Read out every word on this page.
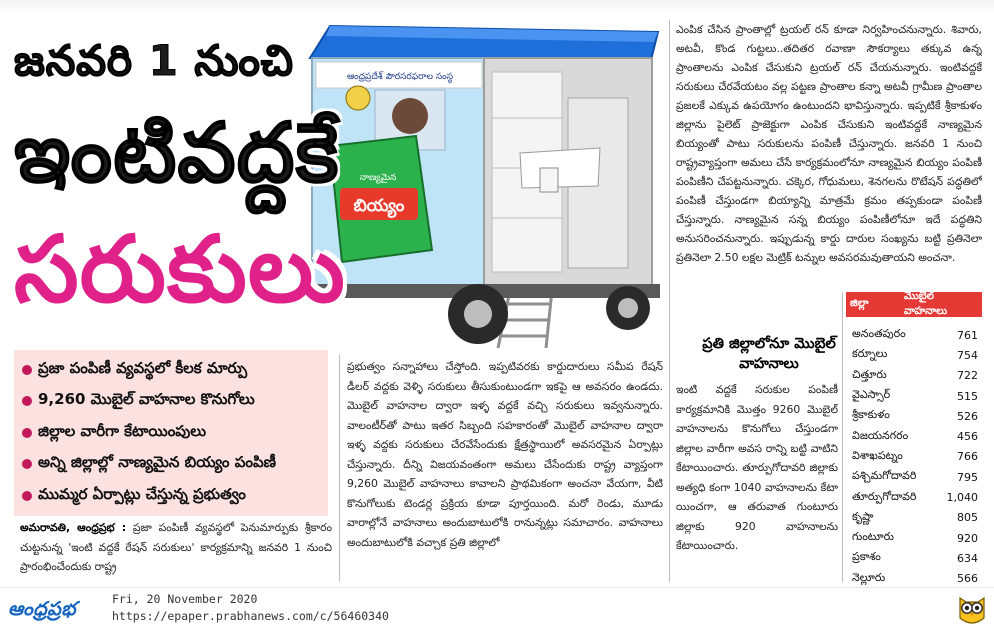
ఆంధ్రప్రదేశ్ పౌరసరఫరాల సంస్థ
నాణ్యమైన
బియ్యం
జనవరి 1 నుంచి
ఇంటివద్దకే
సరుకులు
ప్రజా పంపిణీ వ్యవస్థలో కీలక మార్పు
9,260 మొబైల్ వాహనాల కొనుగోలు
జిల్లాల వారీగా కేటాయింపులు
అన్ని జిల్లాల్లో నాణ్యమైన బియ్యం పంపిణీ
ముమ్మర ఏర్పాట్లు చేస్తున్న ప్రభుత్వం
అమరావతి, ఆంధ్రప్రభ : ప్రజా పంపిణీ వ్యవస్థలో పెనుమార్పుకు శ్రీకారం చుట్టనున్న 'ఇంటి వద్దకే రేషన్ సరుకులు' కార్యక్రమాన్ని జనవరి 1 నుంచి ప్రారంభించేందుకు రాష్ట్ర
ప్రభుత్వం సన్నాహాలు చేస్తోంది. ఇప్పటివరకు కార్డుదారులు సమీప రేషన్ డీలర్ వద్దకు వెళ్ళి సరుకులు తీసుకుంటుండగా ఇకపై ఆ అవసరం ఉండదు. మొబైల్ వాహనాల ద్వారా ఇళ్ళ వద్దకే వచ్చి సరుకులు ఇవ్వనున్నారు. వాలంటీర్‌తో పాటు ఇతర సిబ్బంది సహకారంతో మొబైల్ వాహనాల ద్వారా ఇళ్ళ వద్దకు సరుకులు చేరవేసేందుకు క్షేత్రస్థాయిలో అవసరమైన ఏర్పాట్లు చేస్తున్నారు. దీన్ని విజయవంతంగా అమలు చేసేందుకు రాష్ట్ర వ్యాప్తంగా 9,260 మొబైల్ వాహనాలు కావాలని ప్రాథమికంగా అంచనా వేయగా, వీటి కొనుగోలుకు టెండర్ల ప్రక్రియ కూడా పూర్తయింది. మరో రెండు, మూడు వారాల్లోనే వాహనాలు అందుబాటులోకి రానున్నట్లు సమాచారం. వాహనాలు అందుబాటులోకి వచ్చాక ప్రతి జిల్లాలో
ఎంపిక చేసిన ప్రాంతాల్లో ట్రయల్ రన్ కూడా నిర్వహించనున్నారు. శివారు, అటవీ, కొండ గుట్టలు..తదితర రవాణా సౌకర్యాలు తక్కువ ఉన్న ప్రాంతాలను ఎంపిక చేసుకుని ట్రయల్ రన్ చేయనున్నారు. ఇంటివద్దకే సరుకులు చేరవేయటం వల్ల పట్టణ ప్రాంతాల కన్నా అటవీ గ్రామీణ ప్రాంతాల ప్రజలకే ఎక్కువ ఉపయోగం ఉంటుందని భావిస్తున్నారు. ఇప్పటికే శ్రీకాకుళం జిల్లాను పైలెట్ ప్రాజెక్టుగా ఎంపిక చేసుకుని ఇంటివద్దకే నాణ్యమైన బియ్యంతో పాటు సరుకులను పంపిణీ చేస్తున్నారు. జనవరి 1 నుంచి రాష్ట్రవ్యాప్తంగా అమలు చేసే కార్యక్రమంలోనూ నాణ్యమైన బియ్యం పంపిణీ పంపిణీని చేపట్టనున్నారు. చక్కెర, గోధుమలు, శెనగలను రొటేషన్ పద్ధతిలో పంపిణీ చేస్తుండగా బియ్యాన్ని మాత్రమే క్రమం తప్పకుండా పంపిణీ చేస్తున్నారు. నాణ్యమైన సన్న బియ్యం పంపిణీలోనూ ఇదే పద్ధతిని అనుసరించనున్నారు. ఇప్పుడున్న కార్డు దారుల సంఖ్యను బట్టి ప్రతినెలా ప్రతినెలా 2.50 లక్షల మెట్రిక్ టన్నుల అవసరమవుతాయని అంచనా.
ప్రతి జిల్లాలోనూ మొబైల్ వాహనాలు
ఇంటి వద్దకే సరుకుల పంపిణీ కార్యక్రమానికి మొత్తం 9260 మొబైల్ వాహనాలను కొనుగోలు చేస్తుండగా జిల్లాల వారీగా అవస రాన్ని బట్టి వాటిని కేటాయించారు. తూర్పుగోదావరి జిల్లాకు అత్యధి కంగా 1040 వాహనాలను కేటా యించగా, ఆ తరువాత గుంటూరు జిల్లాకు 920 వాహనాలను కేటాయించారు.
జిల్లా
మొబైల్ వాహనాలు
అనంతపురం	761
కర్నూలు	754
చిత్తూరు	722
వైఎస్సార్	515
శ్రీకాకుళం	526
విజయనగరం	456
విశాఖపట్నం	766
పశ్చిమగోదావరి	795
తూర్పుగోదావరి	1,040
కృష్ణా	805
గుంటూరు	920
ప్రకాశం	634
నెల్లూరు	566
ఆంధ్రప్రభ	Fri, 20 November 2020
https://epaper.prabhanews.com/c/56460340
